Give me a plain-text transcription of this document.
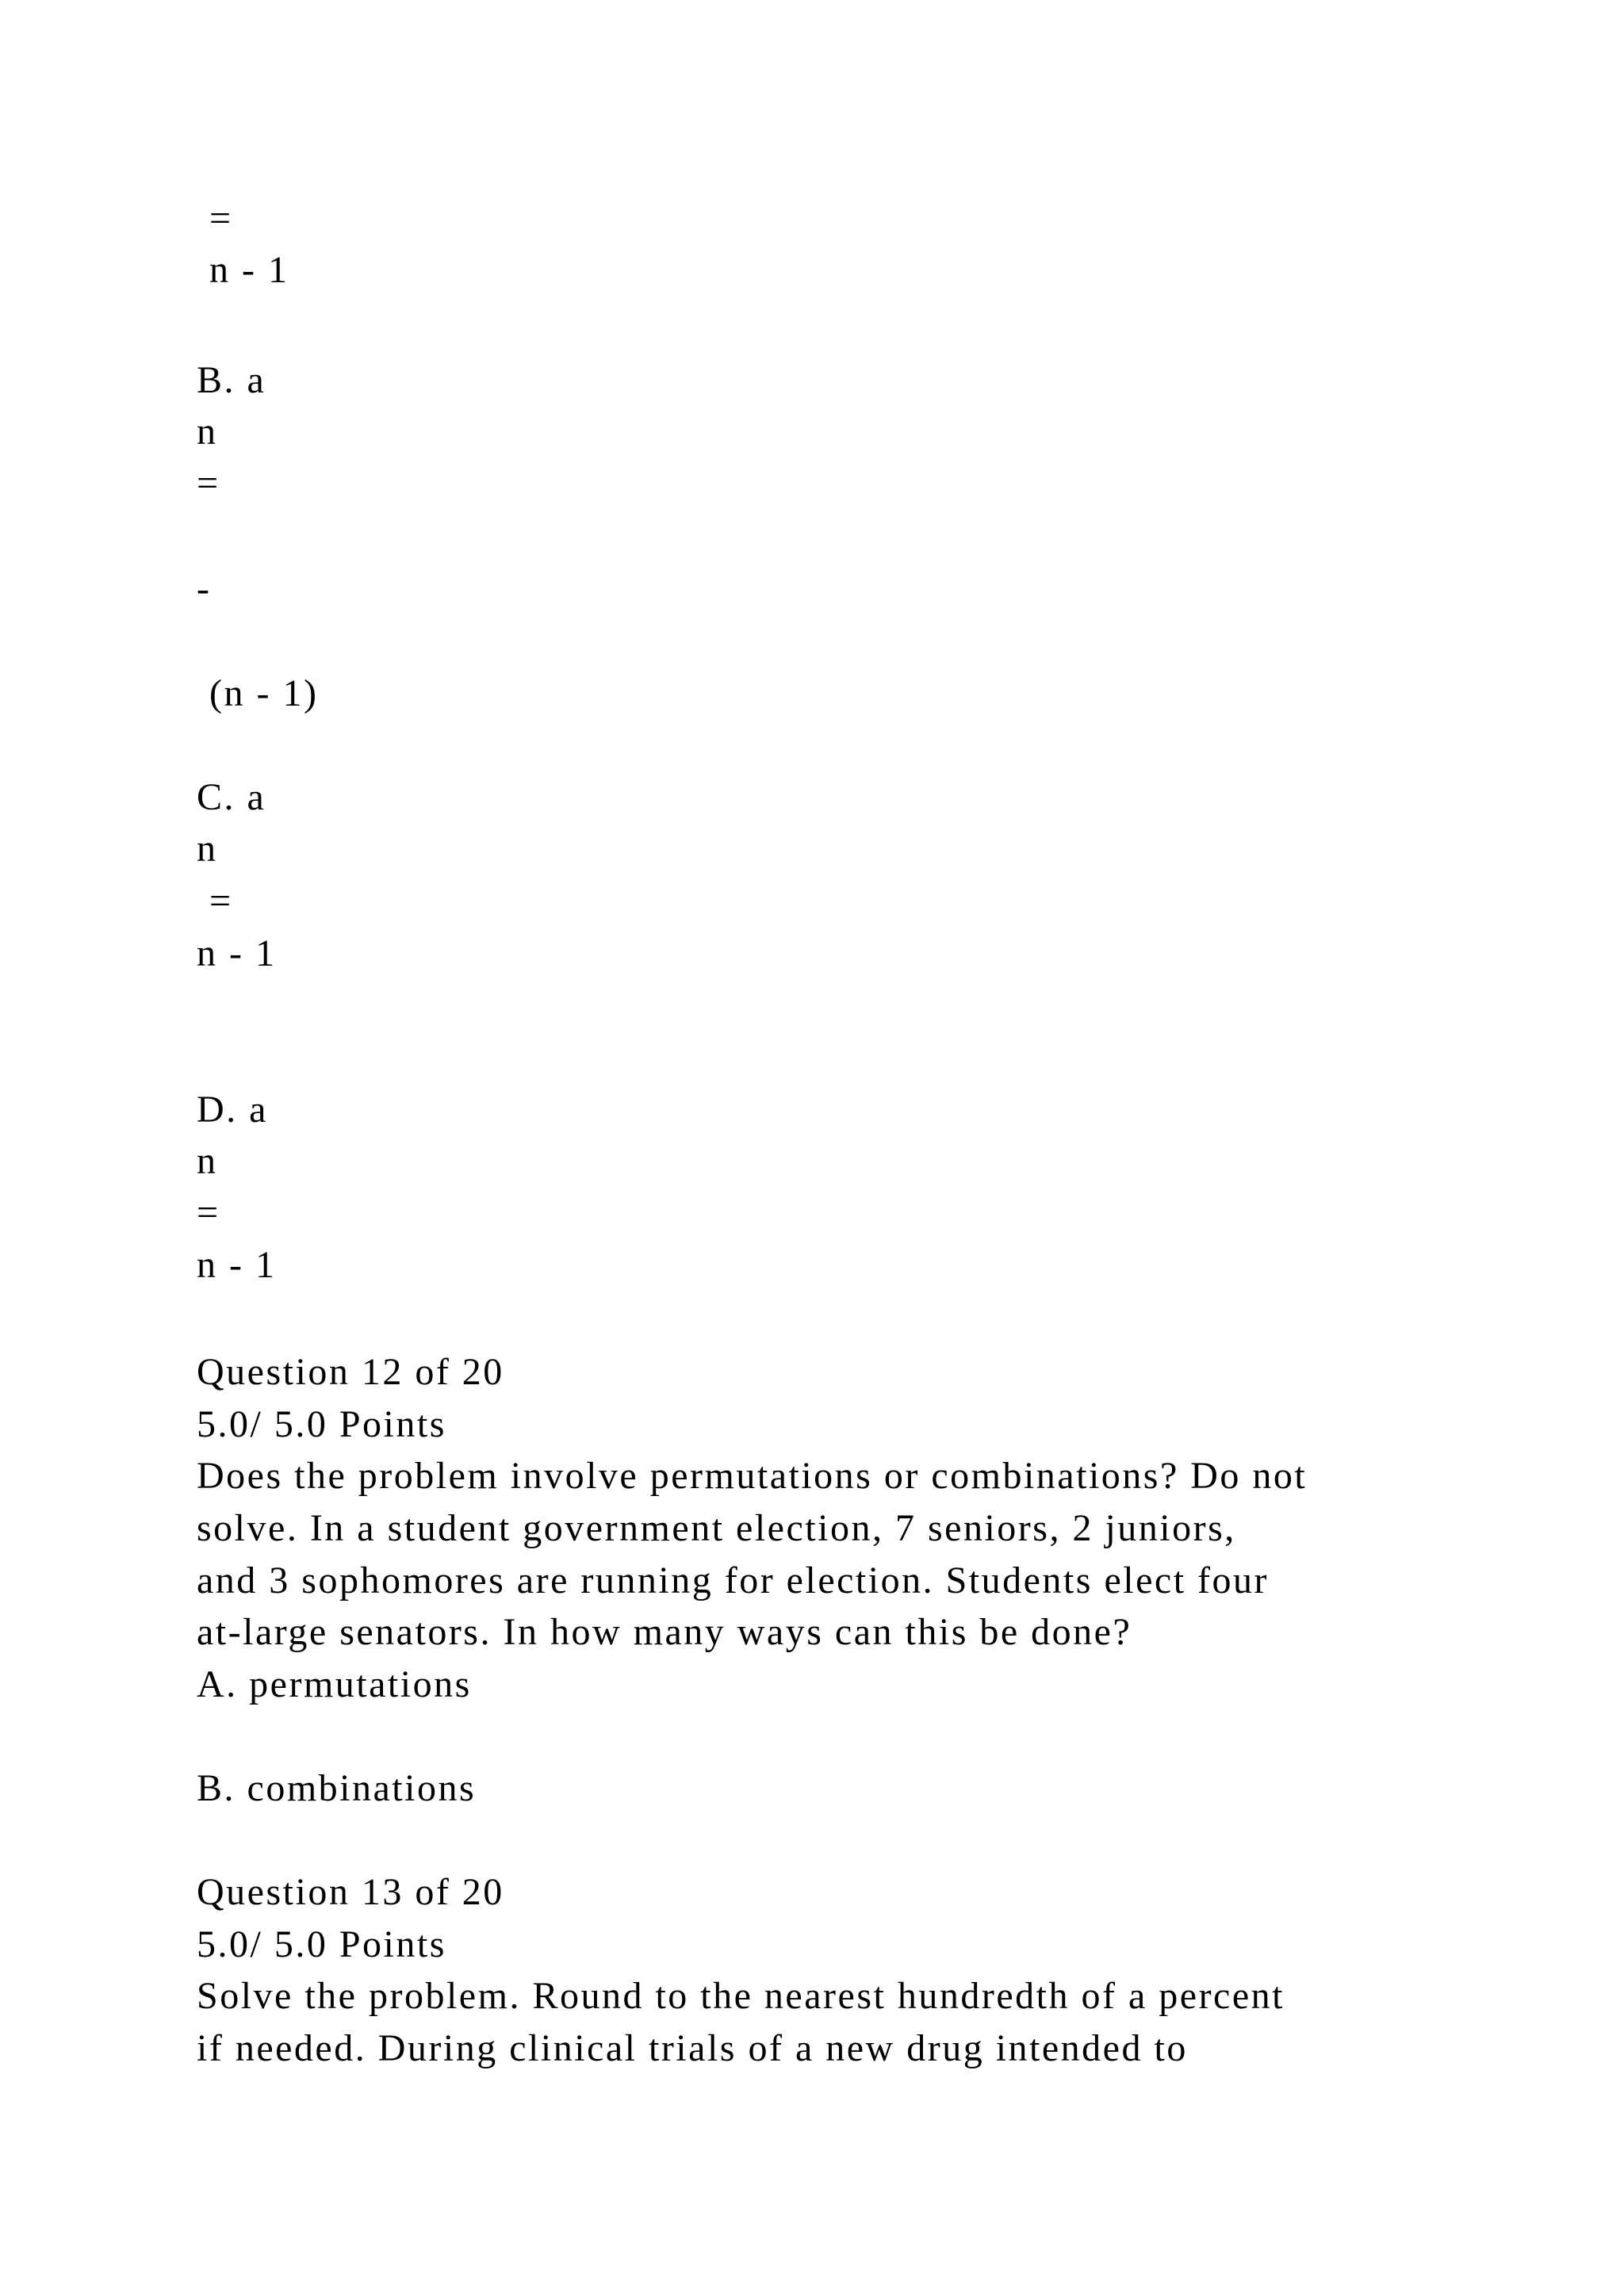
=
n - 1
B. a
n
=
-
(n - 1)
C. a
n
=
n - 1
D. a
n
=
n - 1
Question 12 of 20
5.0/ 5.0 Points
Does the problem involve permutations or combinations? Do not
solve. In a student government election, 7 seniors, 2 juniors,
and 3 sophomores are running for election. Students elect four
at-large senators. In how many ways can this be done?
A. permutations
B. combinations
Question 13 of 20
5.0/ 5.0 Points
Solve the problem. Round to the nearest hundredth of a percent
if needed. During clinical trials of a new drug intended to
